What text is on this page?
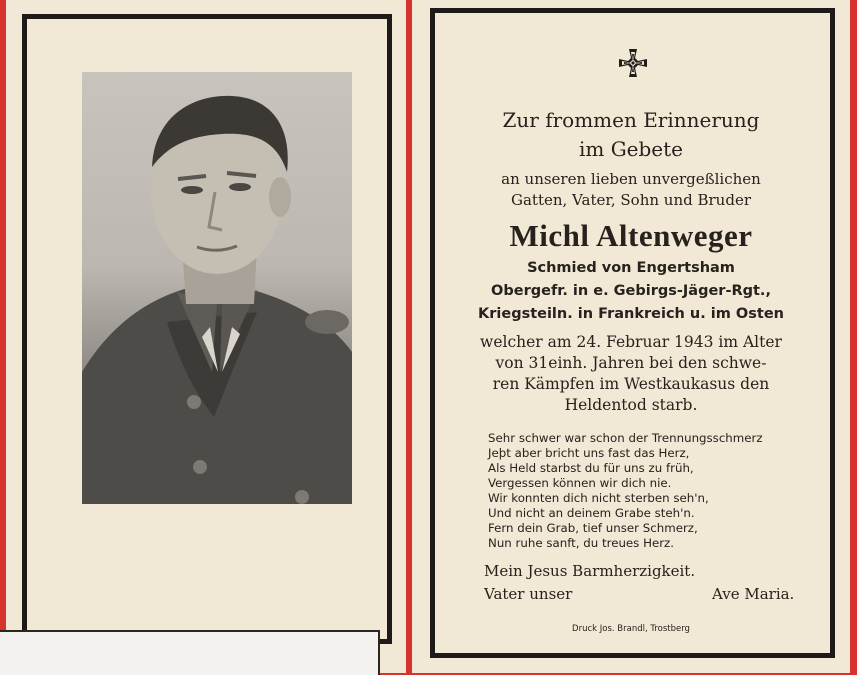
Zur frommen Erinnerung

im Gebete

an unseren lieben unvergeßlichen

Gatten, Vater, Sohn und Bruder

Michl Altenweger

Schmied von Engertsham

Obergefr. in e. Gebirgs-Jäger-Rgt.,

Kriegsteiln. in Frankreich u. im Osten

welcher am 24. Februar 1943 im Alter

von 31einh. Jahren bei den schwe-

ren Kämpfen im Westkaukasus den

Heldentod starb.

Sehr schwer war schon der Trennungsschmerz
Jeþt aber bricht uns fast das Herz,
Als Held starbst du für uns zu früh,
Vergessen können wir dich nie.
Wir konnten dich nicht sterben seh'n,
Und nicht an deinem Grabe steh'n.
Fern dein Grab, tief unser Schmerz,
Nun ruhe sanft, du treues Herz.

Mein Jesus Barmherzigkeit.

Vater unser	Ave Maria.

Druck Jos. Brandl, Trostberg
